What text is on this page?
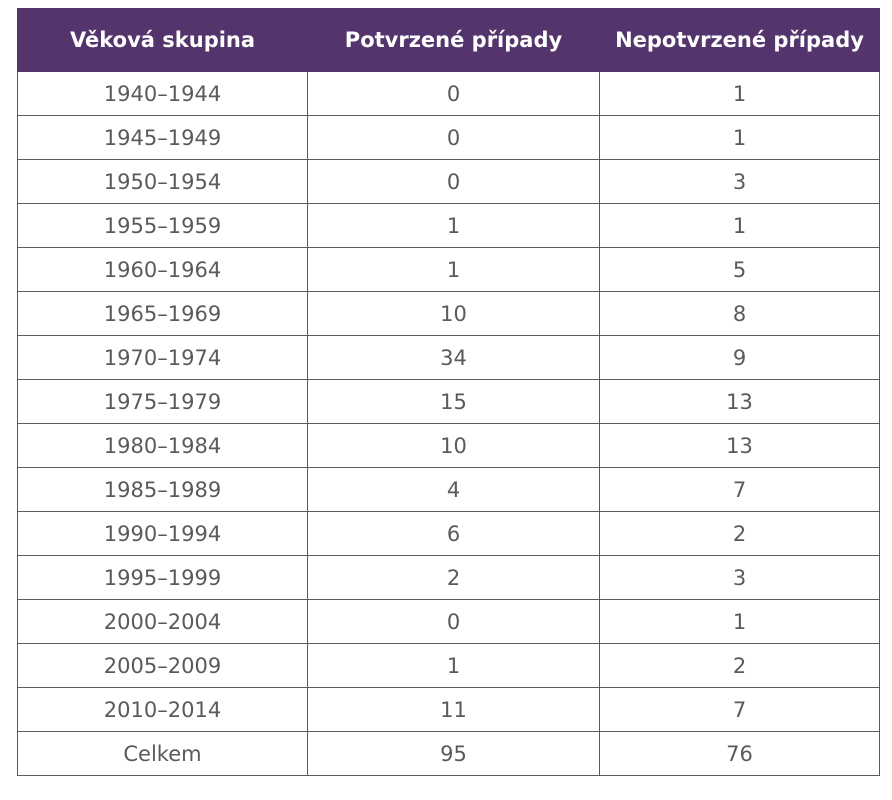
Věková skupina	Potvrzené případy	Nepotvrzené případy
1940–1944	0	1
1945–1949	0	1
1950–1954	0	3
1955–1959	1	1
1960–1964	1	5
1965–1969	10	8
1970–1974	34	9
1975–1979	15	13
1980–1984	10	13
1985–1989	4	7
1990–1994	6	2
1995–1999	2	3
2000–2004	0	1
2005–2009	1	2
2010–2014	11	7
Celkem	95	76
